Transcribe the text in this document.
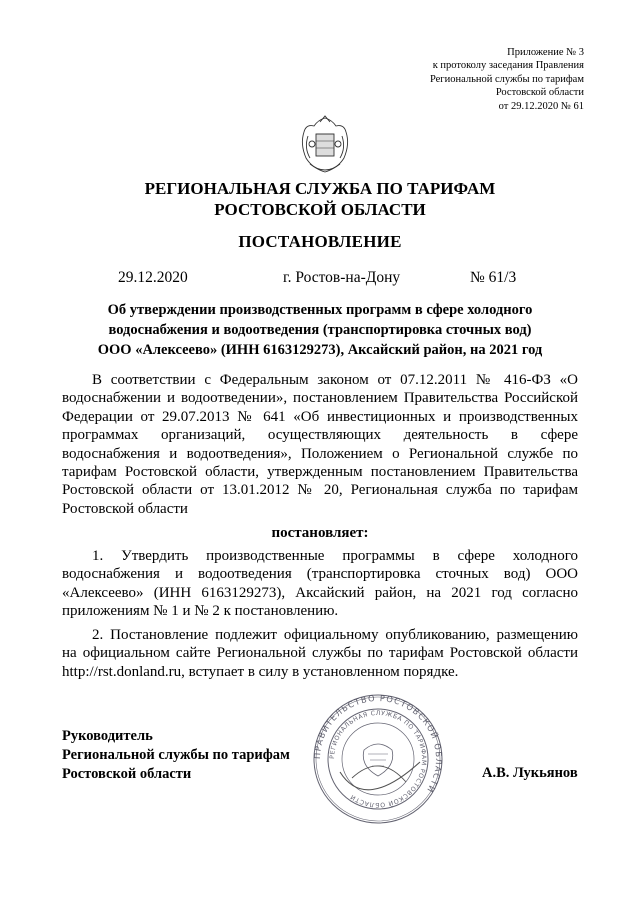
Приложение № 3
к протоколу заседания Правления
Региональной службы по тарифам
Ростовской области
от 29.12.2020 № 61
РЕГИОНАЛЬНАЯ СЛУЖБА ПО ТАРИФАМ
РОСТОВСКОЙ ОБЛАСТИ
ПОСТАНОВЛЕНИЕ
29.12.2020	г. Ростов-на-Дону	№ 61/3
Об утверждении производственных программ в сфере холодного
водоснабжения и водоотведения (транспортировка сточных вод)
ООО «Алексеево» (ИНН 6163129273), Аксайский район, на 2021 год
В соответствии с Федеральным законом от 07.12.2011 № 416-ФЗ «О водоснабжении и водоотведении», постановлением Правительства Российской Федерации от 29.07.2013 № 641 «Об инвестиционных и производственных программах организаций, осуществляющих деятельность в сфере водоснабжения и водоотведения», Положением о Региональной службе по тарифам Ростовской области, утвержденным постановлением Правительства Ростовской области от 13.01.2012 № 20, Региональная служба по тарифам Ростовской области
постановляет:
1. Утвердить производственные программы в сфере холодного водоснабжения и водоотведения (транспортировка сточных вод) ООО «Алексеево» (ИНН 6163129273), Аксайский район, на 2021 год согласно приложениям № 1 и № 2 к постановлению.
2. Постановление подлежит официальному опубликованию, размещению на официальном сайте Региональной службы по тарифам Ростовской области http://rst.donland.ru, вступает в силу в установленном порядке.
ПРАВИТЕЛЬСТВО РОСТОВСКОЙ ОБЛАСТИ
РЕГИОНАЛЬНАЯ СЛУЖБА ПО ТАРИФАМ РОСТОВСКОЙ ОБЛАСТИ
Руководитель
Региональной службы по тарифам
Ростовской области	А.В. Лукьянов
